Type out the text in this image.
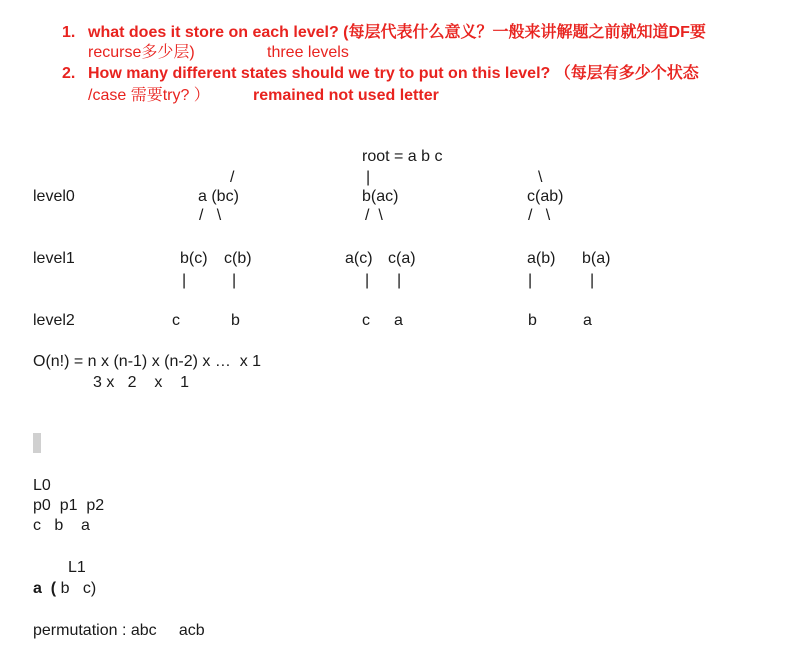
1. what does it store on each level? (每层代表什么意义？一般来讲解题之前就知道DF要
recurse多少层)	three levels
2. How many different states should we try to put on this level? （每层有多少个状态
/case 需要try? ）	remained not used letter
root = a b c
/	|	\
level0	a (bc)	b(ac)	c(ab)
/   \	/  \	/   \
level1	b(c) c(b)	a(c) c(a)	a(b) b(a)
|	|	| |	|	|
level2	c	b	c a	b	a
O(n!) = n x (n-1) x (n-2) x …  x 1
3 x   2    x    1
L0
p0  p1  p2
c   b    a
L1
a  ( b   c)
permutation : abc     acb
